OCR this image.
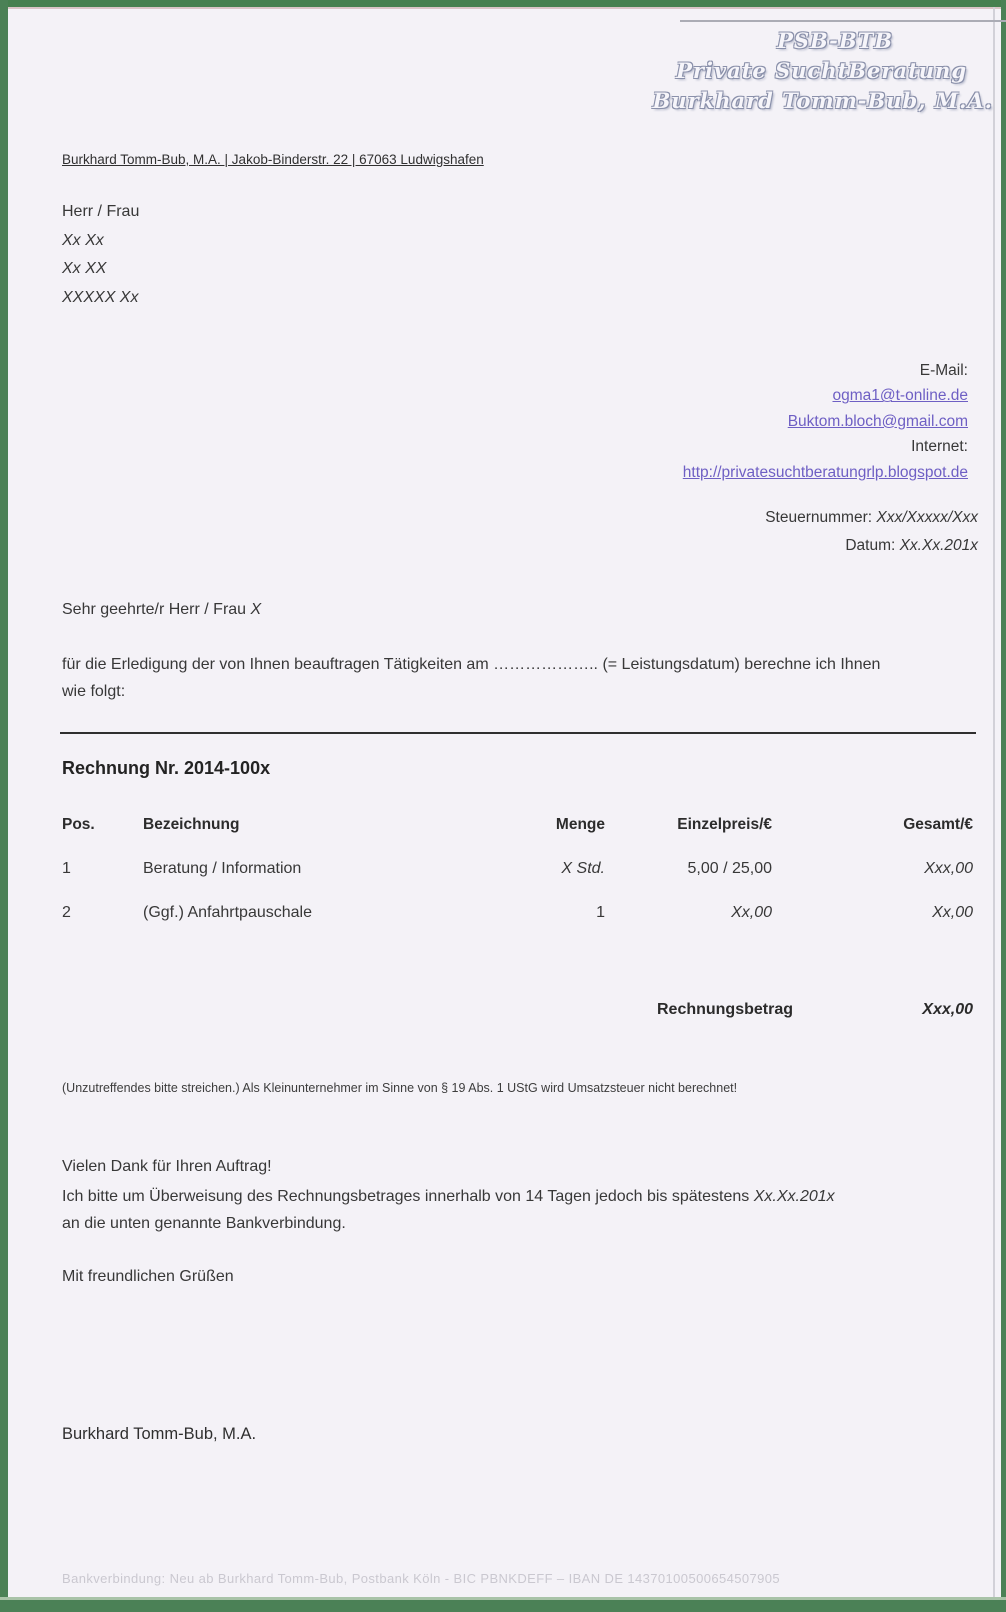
PSB-BTB
Private SuchtBeratung
Burkhard Tomm-Bub, M.A.
Burkhard Tomm-Bub, M.A. | Jakob-Binderstr. 22 | 67063 Ludwigshafen
Herr / Frau
Xx Xx
Xx XX
XXXXX Xx
E-Mail:
ogma1@t-online.de
Buktom.bloch@gmail.com
Internet:
http://privatesuchtberatungrlp.blogspot.de
Steuernummer: Xxx/Xxxxx/Xxx
Datum: Xx.Xx.201x
Sehr geehrte/r Herr / Frau X
für die Erledigung der von Ihnen beauftragen Tätigkeiten am ……………….. (= Leistungsdatum) berechne ich Ihnen
wie folgt:
Rechnung Nr. 2014-100x
Pos.	Bezeichnung	Menge	Einzelpreis/€	Gesamt/€
1	Beratung / Information	X Std.	5,00 / 25,00	Xxx,00
2	(Ggf.) Anfahrtpauschale	1	Xx,00	Xx,00
Rechnungsbetrag	Xxx,00
(Unzutreffendes bitte streichen.) Als Kleinunternehmer im Sinne von § 19 Abs. 1 UStG wird Umsatzsteuer nicht berechnet!
Vielen Dank für Ihren Auftrag!
Ich bitte um Überweisung des Rechnungsbetrages innerhalb von 14 Tagen jedoch bis spätestens Xx.Xx.201x
an die unten genannte Bankverbindung.
Mit freundlichen Grüßen
Burkhard Tomm-Bub, M.A.
Bankverbindung: Neu ab Burkhard Tomm-Bub, Postbank Köln - BIC PBNKDEFF – IBAN DE 14370100500654507905
